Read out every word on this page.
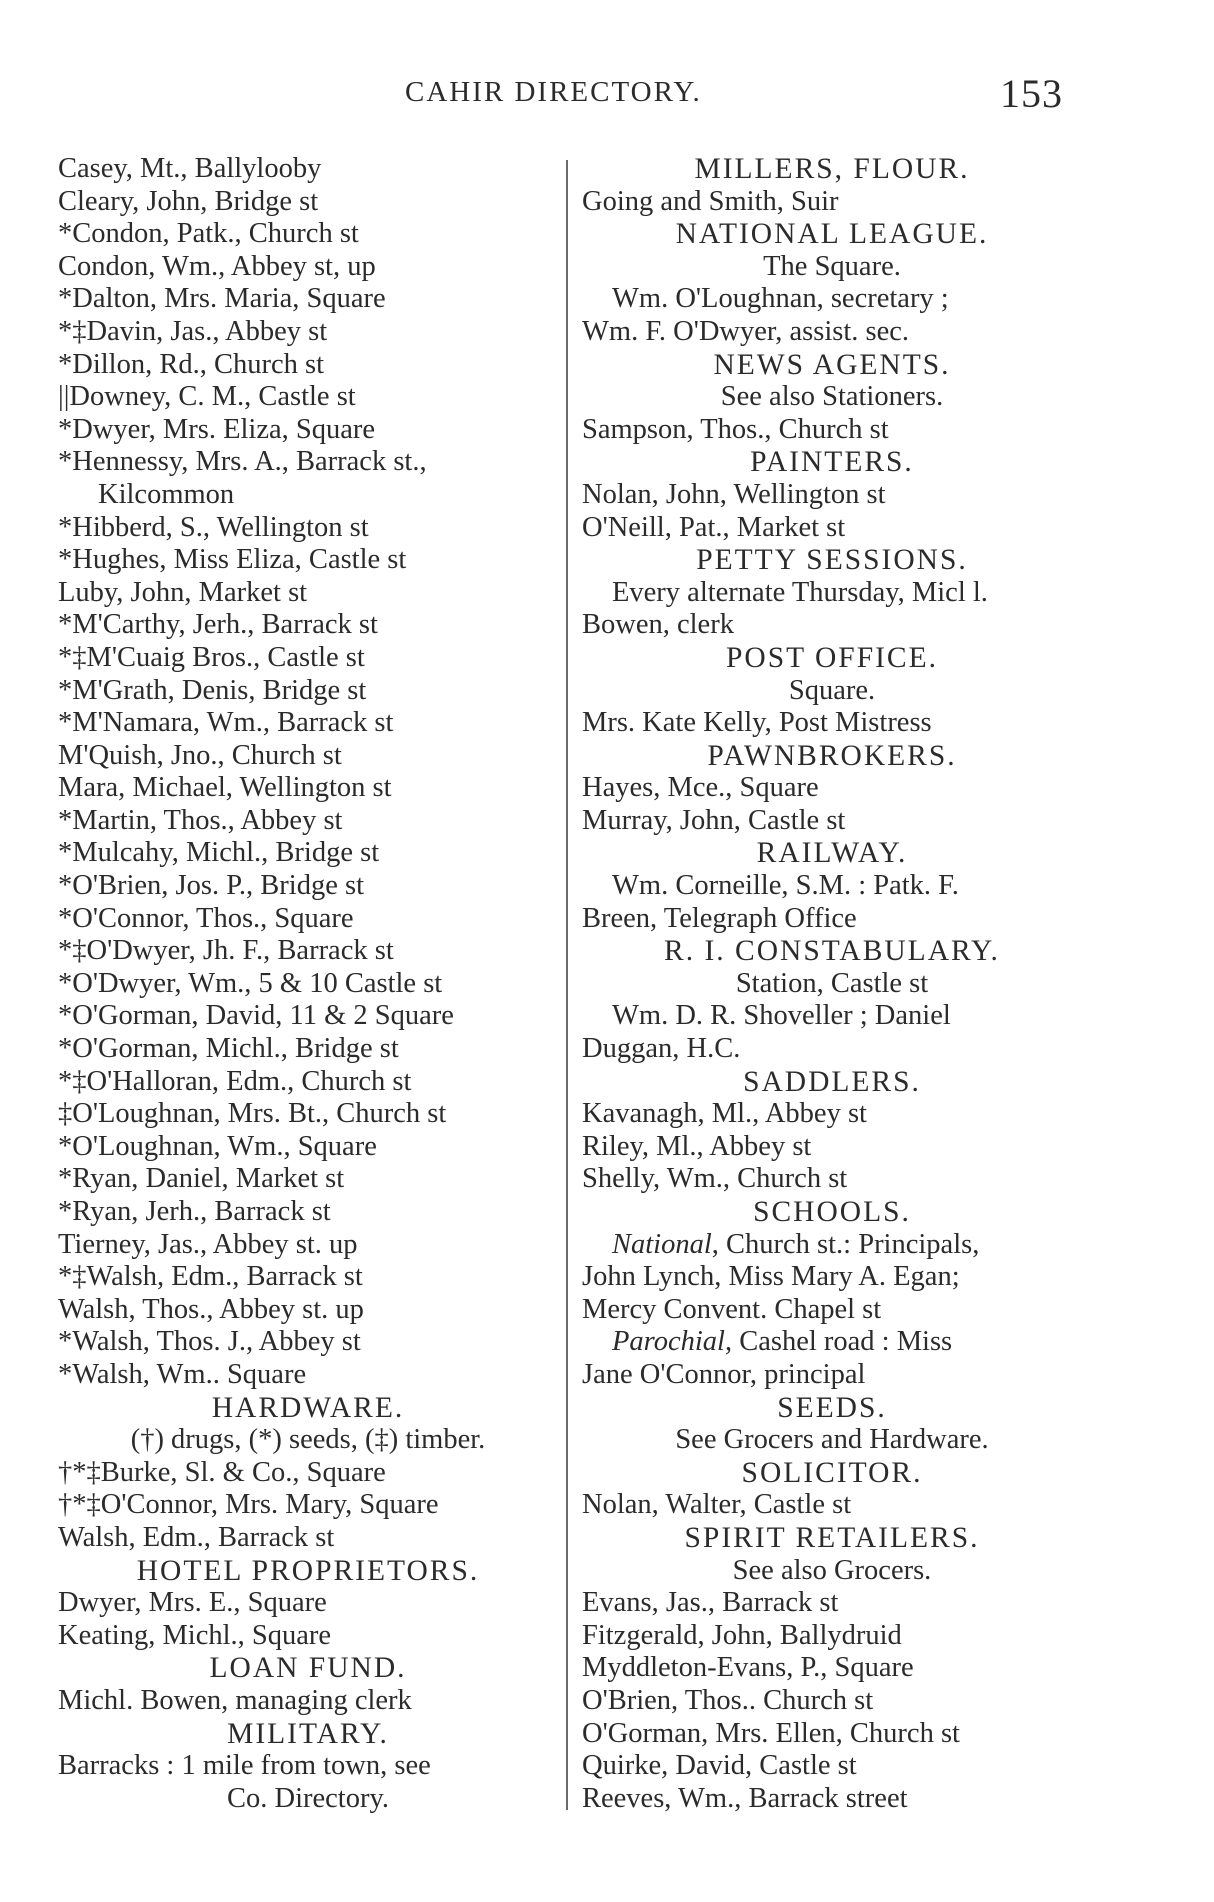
CAHIR DIRECTORY.	153
Casey, Mt., Ballylooby
Cleary, John, Bridge st
*Condon, Patk., Church st
Condon, Wm., Abbey st, up
*Dalton, Mrs. Maria, Square
*‡Davin, Jas., Abbey st
*Dillon, Rd., Church st
||Downey, C. M., Castle st
*Dwyer, Mrs. Eliza, Square
*Hennessy, Mrs. A., Barrack st.,
Kilcommon
*Hibberd, S., Wellington st
*Hughes, Miss Eliza, Castle st
Luby, John, Market st
*M'Carthy, Jerh., Barrack st
*‡M'Cuaig Bros., Castle st
*M'Grath, Denis, Bridge st
*M'Namara, Wm., Barrack st
M'Quish, Jno., Church st
Mara, Michael, Wellington st
*Martin, Thos., Abbey st
*Mulcahy, Michl., Bridge st
*O'Brien, Jos. P., Bridge st
*O'Connor, Thos., Square
*‡O'Dwyer, Jh. F., Barrack st
*O'Dwyer, Wm., 5 & 10 Castle st
*O'Gorman, David, 11 & 2 Square
*O'Gorman, Michl., Bridge st
*‡O'Halloran, Edm., Church st
‡O'Loughnan, Mrs. Bt., Church st
*O'Loughnan, Wm., Square
*Ryan, Daniel, Market st
*Ryan, Jerh., Barrack st
Tierney, Jas., Abbey st. up
*‡Walsh, Edm., Barrack st
Walsh, Thos., Abbey st. up
*Walsh, Thos. J., Abbey st
*Walsh, Wm.. Square
HARDWARE.
(†) drugs, (*) seeds, (‡) timber.
†*‡Burke, Sl. & Co., Square
†*‡O'Connor, Mrs. Mary, Square
Walsh, Edm., Barrack st
HOTEL PROPRIETORS.
Dwyer, Mrs. E., Square
Keating, Michl., Square
LOAN FUND.
Michl. Bowen, managing clerk
MILITARY.
Barracks : 1 mile from town, see
Co. Directory.
MILLERS, FLOUR.
Going and Smith, Suir
NATIONAL LEAGUE.
The Square.
Wm. O'Loughnan, secretary ;
Wm. F. O'Dwyer, assist. sec.
NEWS AGENTS.
See also Stationers.
Sampson, Thos., Church st
PAINTERS.
Nolan, John, Wellington st
O'Neill, Pat., Market st
PETTY SESSIONS.
Every alternate Thursday, Micl l.
Bowen, clerk
POST OFFICE.
Square.
Mrs. Kate Kelly, Post Mistress
PAWNBROKERS.
Hayes, Mce., Square
Murray, John, Castle st
RAILWAY.
Wm. Corneille, S.M. : Patk. F.
Breen, Telegraph Office
R. I. CONSTABULARY.
Station, Castle st
Wm. D. R. Shoveller ; Daniel
Duggan, H.C.
SADDLERS.
Kavanagh, Ml., Abbey st
Riley, Ml., Abbey st
Shelly, Wm., Church st
SCHOOLS.
National, Church st.: Principals,
John Lynch, Miss Mary A. Egan;
Mercy Convent. Chapel st
Parochial, Cashel road : Miss
Jane O'Connor, principal
SEEDS.
See Grocers and Hardware.
SOLICITOR.
Nolan, Walter, Castle st
SPIRIT RETAILERS.
See also Grocers.
Evans, Jas., Barrack st
Fitzgerald, John, Ballydruid
Myddleton-Evans, P., Square
O'Brien, Thos.. Church st
O'Gorman, Mrs. Ellen, Church st
Quirke, David, Castle st
Reeves, Wm., Barrack street
